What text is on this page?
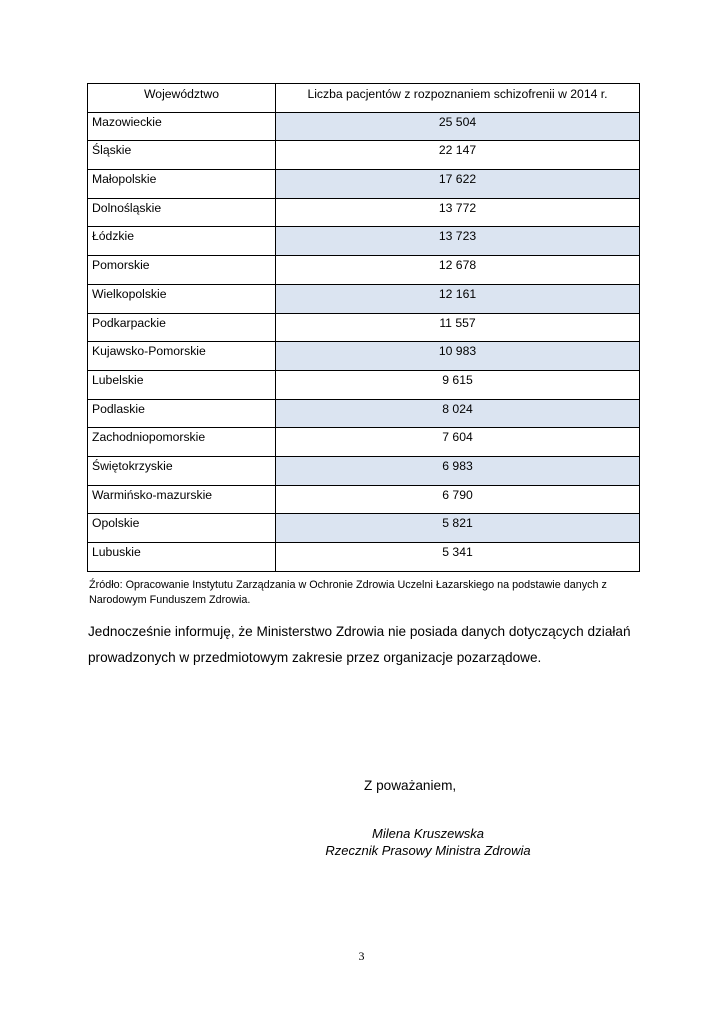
Województwo	Liczba pacjentów z rozpoznaniem schizofrenii w 2014 r.
Mazowieckie	25 504
Śląskie	22 147
Małopolskie	17 622
Dolnośląskie	13 772
Łódzkie	13 723
Pomorskie	12 678
Wielkopolskie	12 161
Podkarpackie	11 557
Kujawsko-Pomorskie	10 983
Lubelskie	9 615
Podlaskie	8 024
Zachodniopomorskie	7 604
Świętokrzyskie	6 983
Warmińsko-mazurskie	6 790
Opolskie	5 821
Lubuskie	5 341
Źródło: Opracowanie Instytutu Zarządzania w Ochronie Zdrowia Uczelni Łazarskiego na podstawie danych z Narodowym Funduszem Zdrowia.
Jednocześnie informuję, że Ministerstwo Zdrowia nie posiada danych dotyczących działań prowadzonych w przedmiotowym zakresie przez organizacje pozarządowe.
Z poważaniem,
Milena Kruszewska
Rzecznik Prasowy Ministra Zdrowia
3
